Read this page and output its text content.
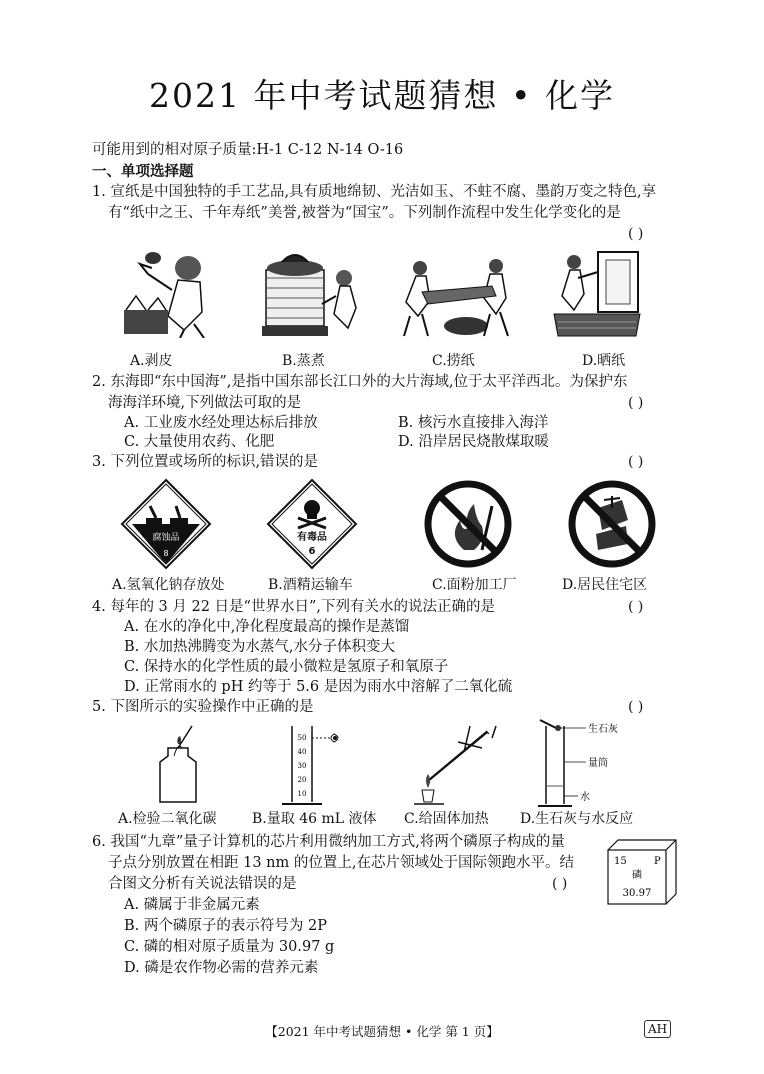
2021 年中考试题猜想 • 化学
可能用到的相对原子质量:H-1 C-12 N-14 O-16
一、单项选择题
1. 宣纸是中国独特的手工艺品,具有质地绵韧、光洁如玉、不蛀不腐、墨韵万变之特色,享
有“纸中之王、千年寿纸”美誉,被誉为“国宝”。下列制作流程中发生化学变化的是
( )
A.剥皮	B.蒸煮	C.捞纸	D.晒纸
2. 东海即“东中国海”,是指中国东部长江口外的大片海域,位于太平洋西北。为保护东
海海洋环境,下列做法可取的是	( )
A. 工业废水经处理达标后排放	B. 核污水直接排入海洋
C. 大量使用农药、化肥	D. 沿岸居民烧散煤取暖
3. 下列位置或场所的标识,错误的是	( )
腐蚀品
8
有毒品
6
A.氢氧化钠存放处	B.酒精运输车	C.面粉加工厂	D.居民住宅区
4. 每年的 3 月 22 日是“世界水日”,下列有关水的说法正确的是	( )
A. 在水的净化中,净化程度最高的操作是蒸馏
B. 水加热沸腾变为水蒸气,水分子体积变大
C. 保持水的化学性质的最小微粒是氢原子和氧原子
D. 正常雨水的 pH 约等于 5.6 是因为雨水中溶解了二氧化硫
5. 下图所示的实验操作中正确的是	( )
50
40
30
20
10
生石灰
量筒
水
A.检验二氧化碳	B.量取 46 mL 液体 C.给固体加热 D.生石灰与水反应
6. 我国“九章”量子计算机的芯片利用微纳加工方式,将两个磷原子构成的量
子点分别放置在相距 13 nm 的位置上,在芯片领域处于国际领跑水平。结
合图文分析有关说法错误的是	( )
A. 磷属于非金属元素
B. 两个磷原子的表示符号为 2P
C. 磷的相对原子质量为 30.97 g
D. 磷是农作物必需的营养元素
15	P
磷
30.97
【2021 年中考试题猜想 • 化学 第 1 页】	AH
